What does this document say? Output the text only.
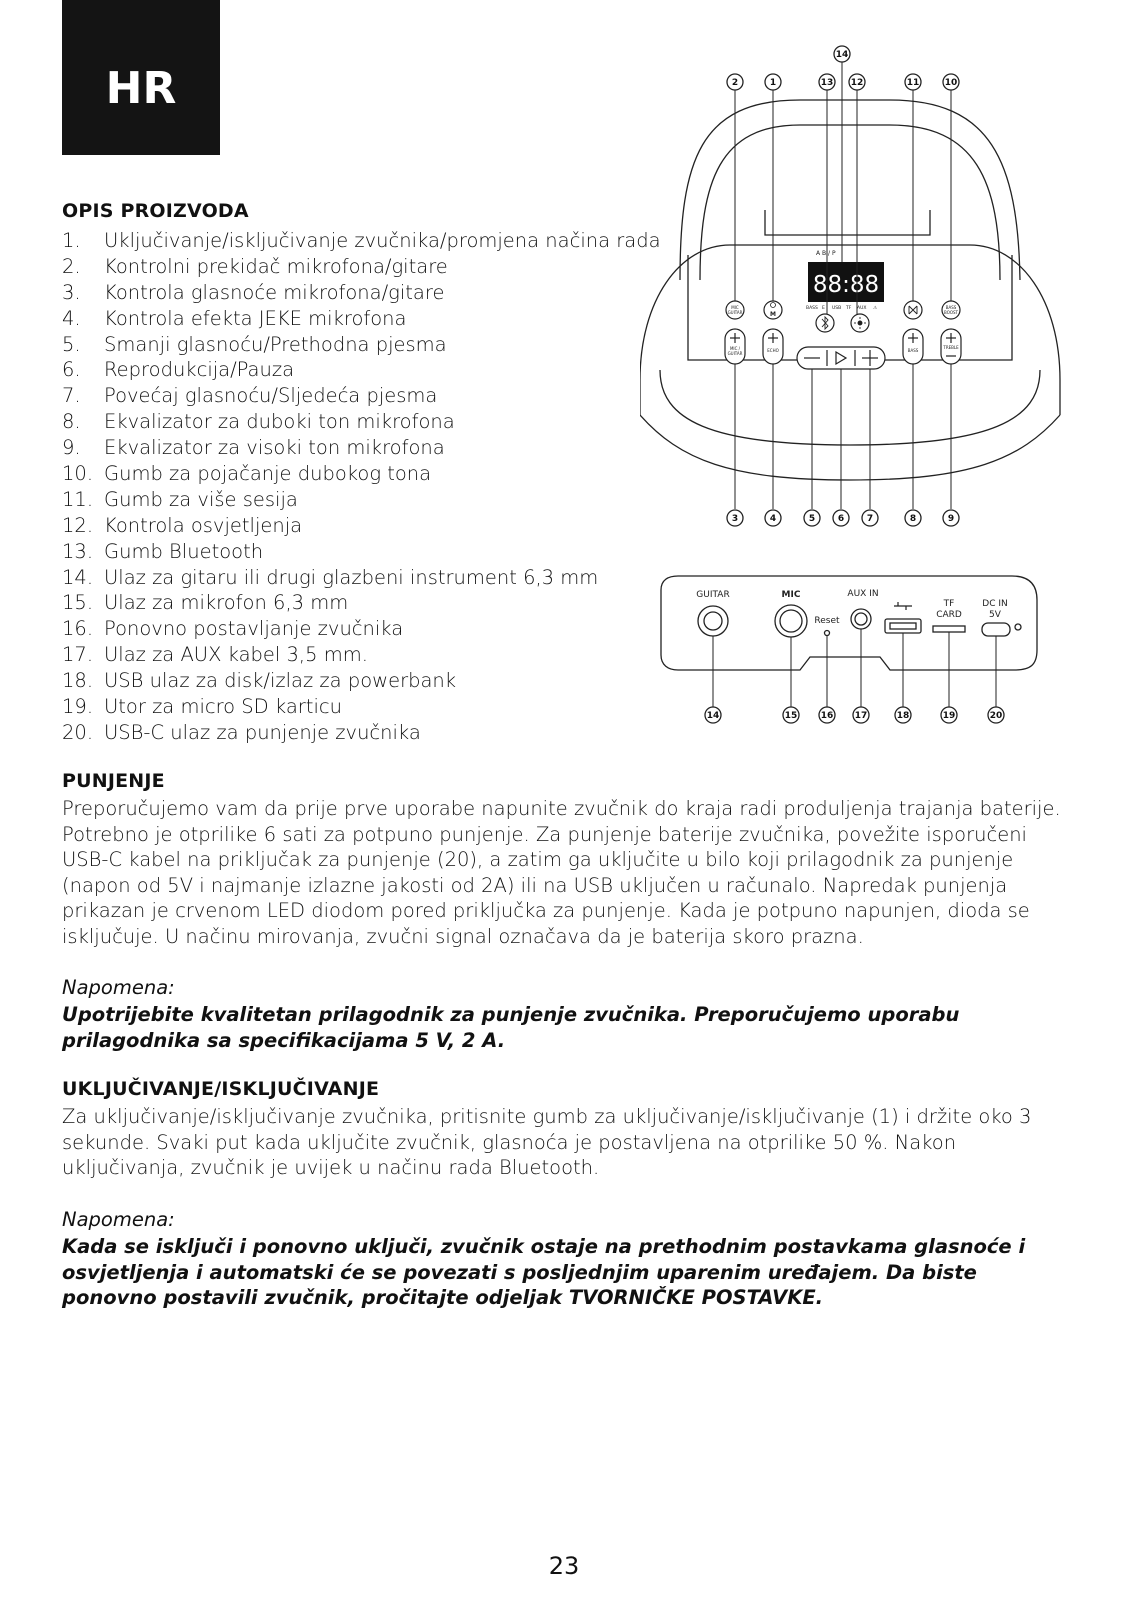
HR
OPIS PROIZVODA
1.	Uključivanje/isključivanje zvučnika/promjena načina rada
2.	Kontrolni prekidač mikrofona/gitare
3.	Kontrola glasnoće mikrofona/gitare
4.	Kontrola efekta JEKE mikrofona
5.	Smanji glasnoću/Prethodna pjesma
6.	Reprodukcija/Pauza
7.	Povećaj glasnoću/Sljedeća pjesma
8.	Ekvalizator za duboki ton mikrofona
9.	Ekvalizator za visoki ton mikrofona
10. Gumb za pojačanje dubokog tona
11. Gumb za više sesija
12. Kontrola osvjetljenja
13. Gumb Bluetooth
14. Ulaz za gitaru ili drugi glazbeni instrument 6,3 mm
15. Ulaz za mikrofon 6,3 mm
16. Ponovno postavljanje zvučnika
17. Ulaz za AUX kabel 3,5 mm.
18. USB ulaz za disk/izlaz za powerbank
19. Utor za micro SD karticu
20. USB-C ulaz za punjenje zvučnika
A B / P
88:88
BASS E USB TF AUX ⚠
MIC
GUITAR
BASS
BOOST
M
MIC /
GUITAR
ECHO	BASS
TREBLE
14
2	1	13 12	11	10
3	4	5	6	7	8	9
GUITAR	MIC	AUX IN
Reset
TF
CARD
DC IN
5V
14	15	16 17	18	19	20
PUNJENJE

Preporučujemo vam da prije prve uporabe napunite zvučnik do kraja radi produljenja trajanja baterije. Potrebno je otprilike 6 sati za potpuno punjenje. Za punjenje baterije zvučnika, povežite isporučeni USB-C kabel na priključak za punjenje (20), a zatim ga uključite u bilo koji prilagodnik za punjenje (napon od 5V i najmanje izlazne jakosti od 2A) ili na USB uključen u računalo. Napredak punjenja prikazan je crvenom LED diodom pored priključka za punjenje. Kada je potpuno napunjen, dioda se isključuje. U načinu mirovanja, zvučni signal označava da je baterija skoro prazna.

Napomena:

Upotrijebite kvalitetan prilagodnik za punjenje zvučnika. Preporučujemo uporabu prilagodnika sa specifikacijama 5 V, 2 A.

UKLJUČIVANJE/ISKLJUČIVANJE

Za uključivanje/isključivanje zvučnika, pritisnite gumb za uključivanje/isključivanje (1) i držite oko 3 sekunde. Svaki put kada uključite zvučnik, glasnoća je postavljena na otprilike 50 %. Nakon uključivanja, zvučnik je uvijek u načinu rada Bluetooth.

Napomena:

Kada se isključi i ponovno uključi, zvučnik ostaje na prethodnim postavkama glasnoće i osvjetljenja i automatski će se povezati s posljednjim uparenim uređajem. Da biste ponovno postavili zvučnik, pročitajte odjeljak TVORNIČKE POSTAVKE.

23
